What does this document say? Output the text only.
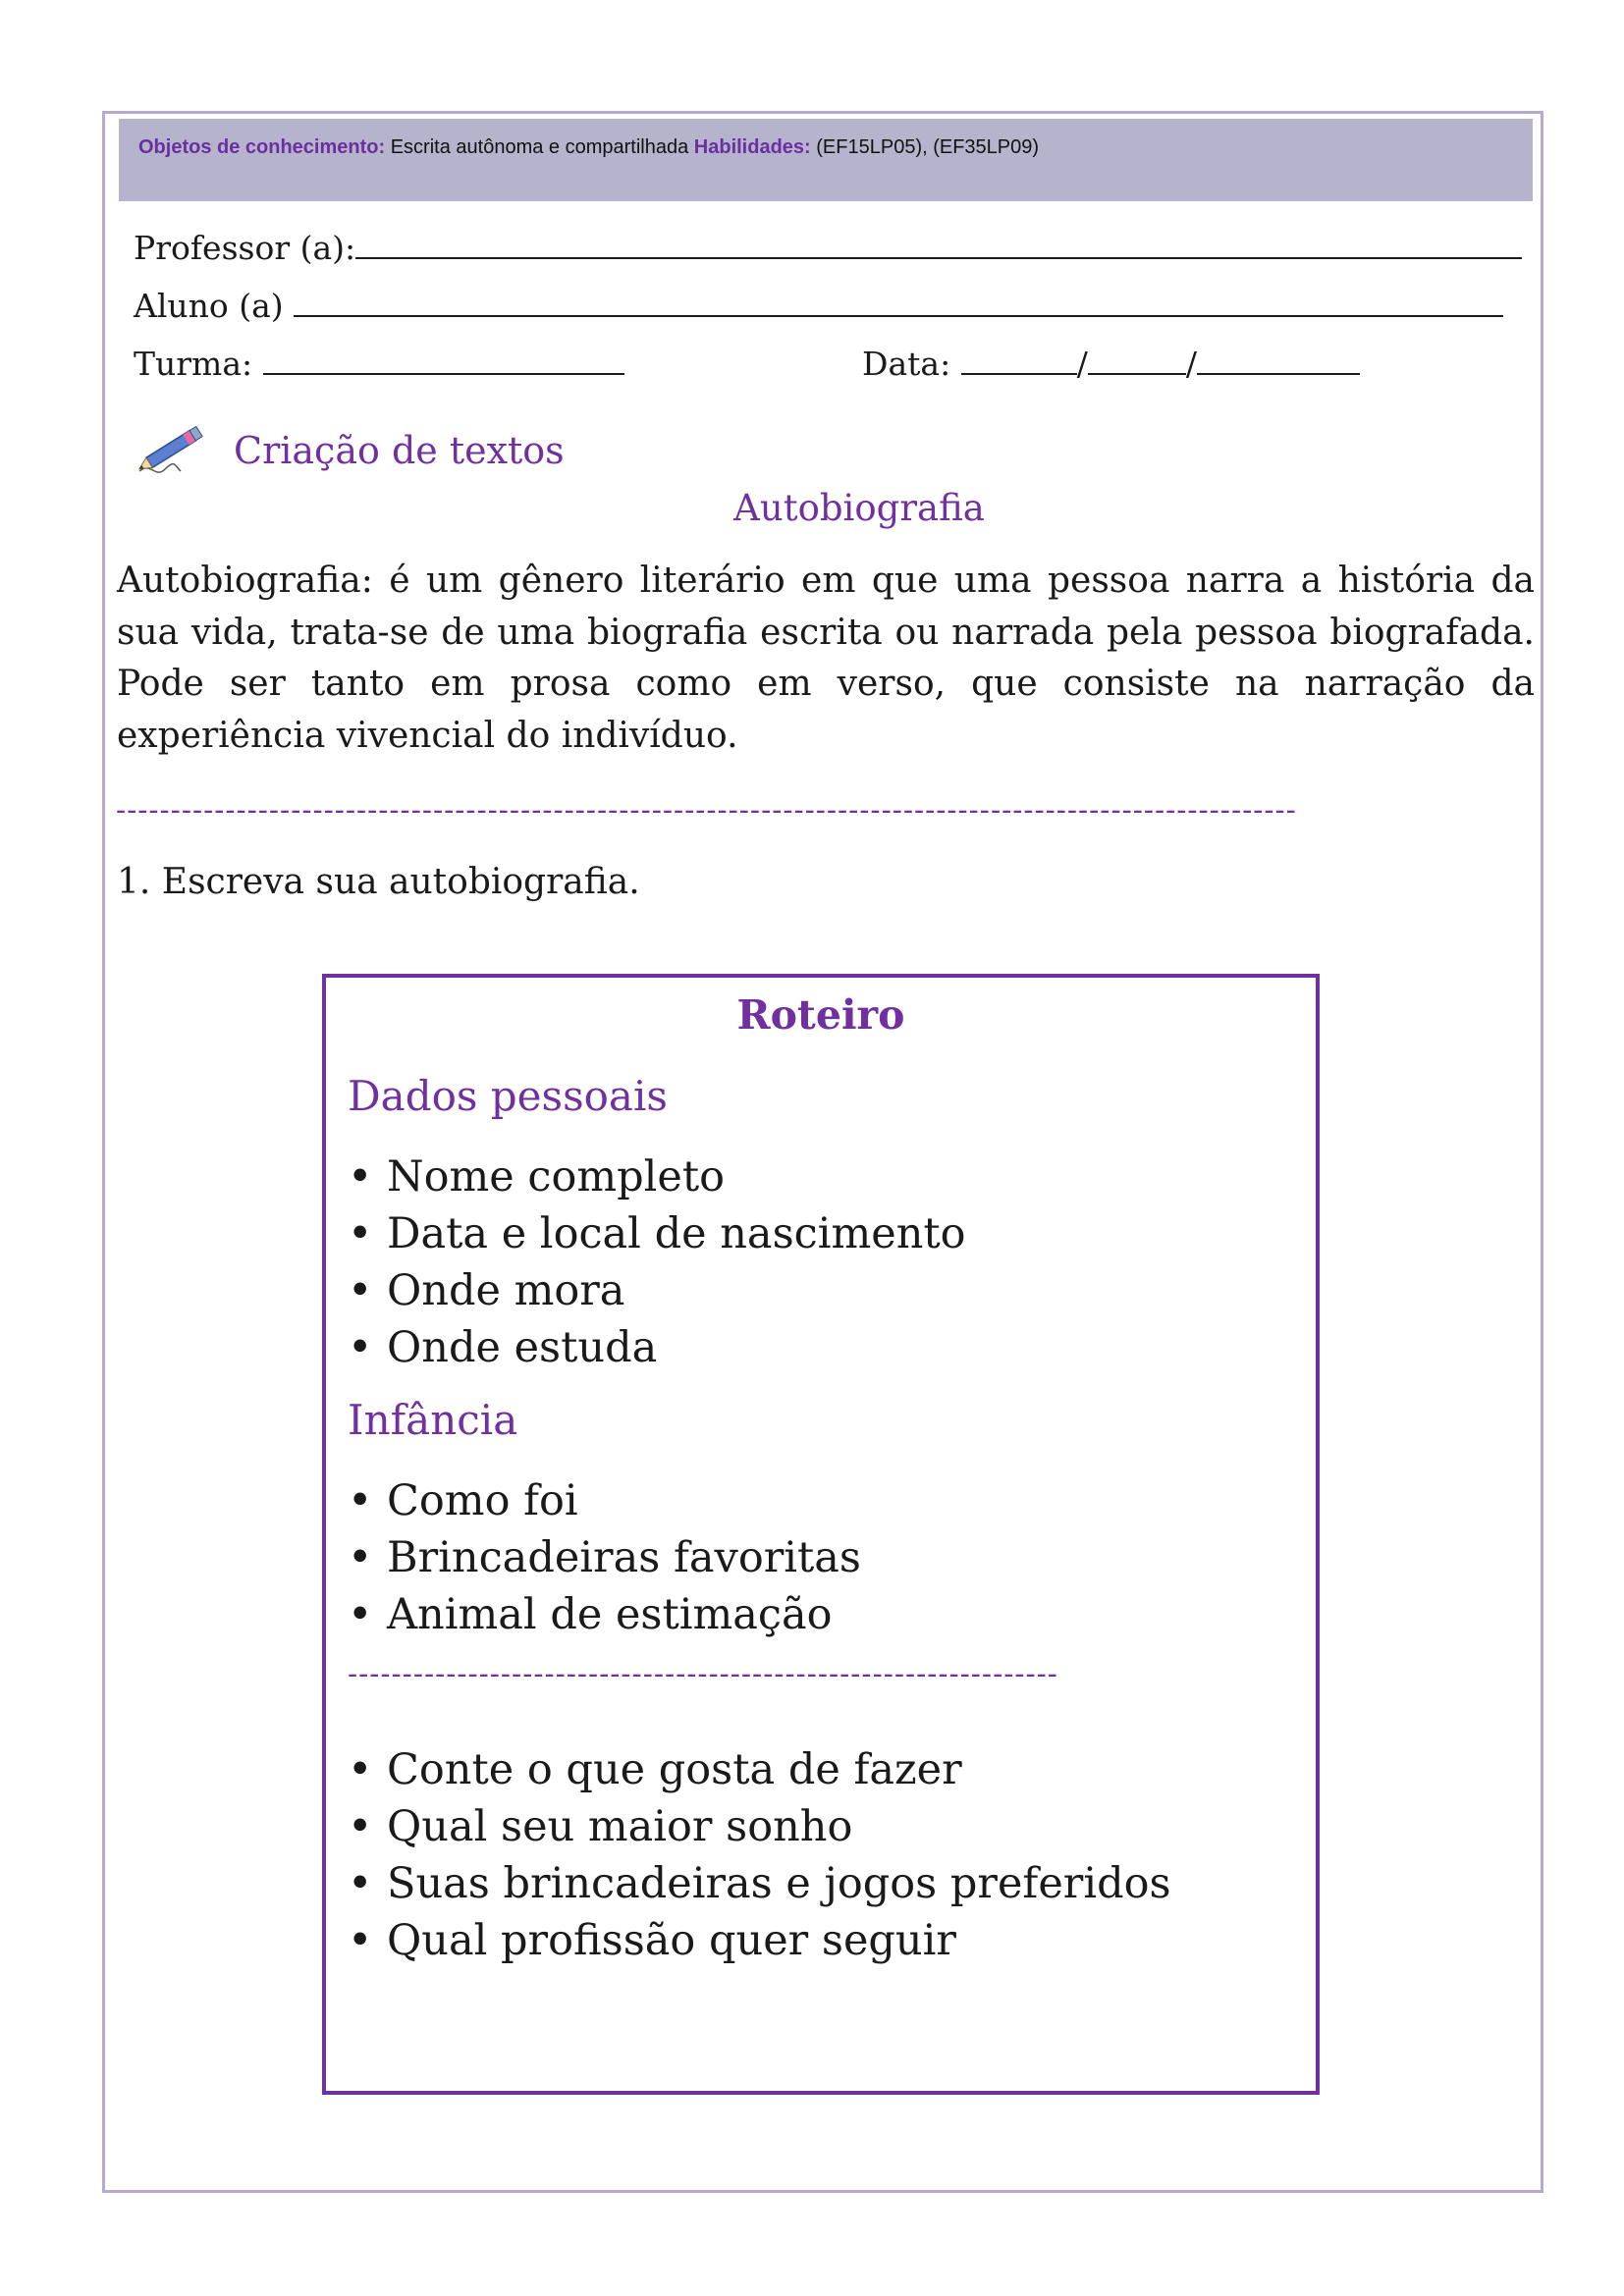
Objetos de conhecimento: Escrita autônoma e compartilhada Habilidades: (EF15LP05), (EF35LP09)
Professor (a):
Aluno (a)
Turma:	Data:	/	/
Criação de textos
Autobiografia

Autobiografia: é um gênero literário em que uma pessoa narra a história da sua vida, trata-se de uma biografia escrita ou narrada pela pessoa biografada. Pode ser tanto em prosa como em verso, que consiste na narração da experiência vivencial do indivíduo.

------------------------------------------------------------------------------------------------------------
1. Escreva sua autobiografia.
Roteiro
Dados pessoais
• Nome completo
• Data e local de nascimento
• Onde mora
• Onde estuda
Infância
• Como foi
• Brincadeiras favoritas
• Animal de estimação
-----------------------------------------------------------------
• Conte o que gosta de fazer
• Qual seu maior sonho
• Suas brincadeiras e jogos preferidos
• Qual profissão quer seguir
